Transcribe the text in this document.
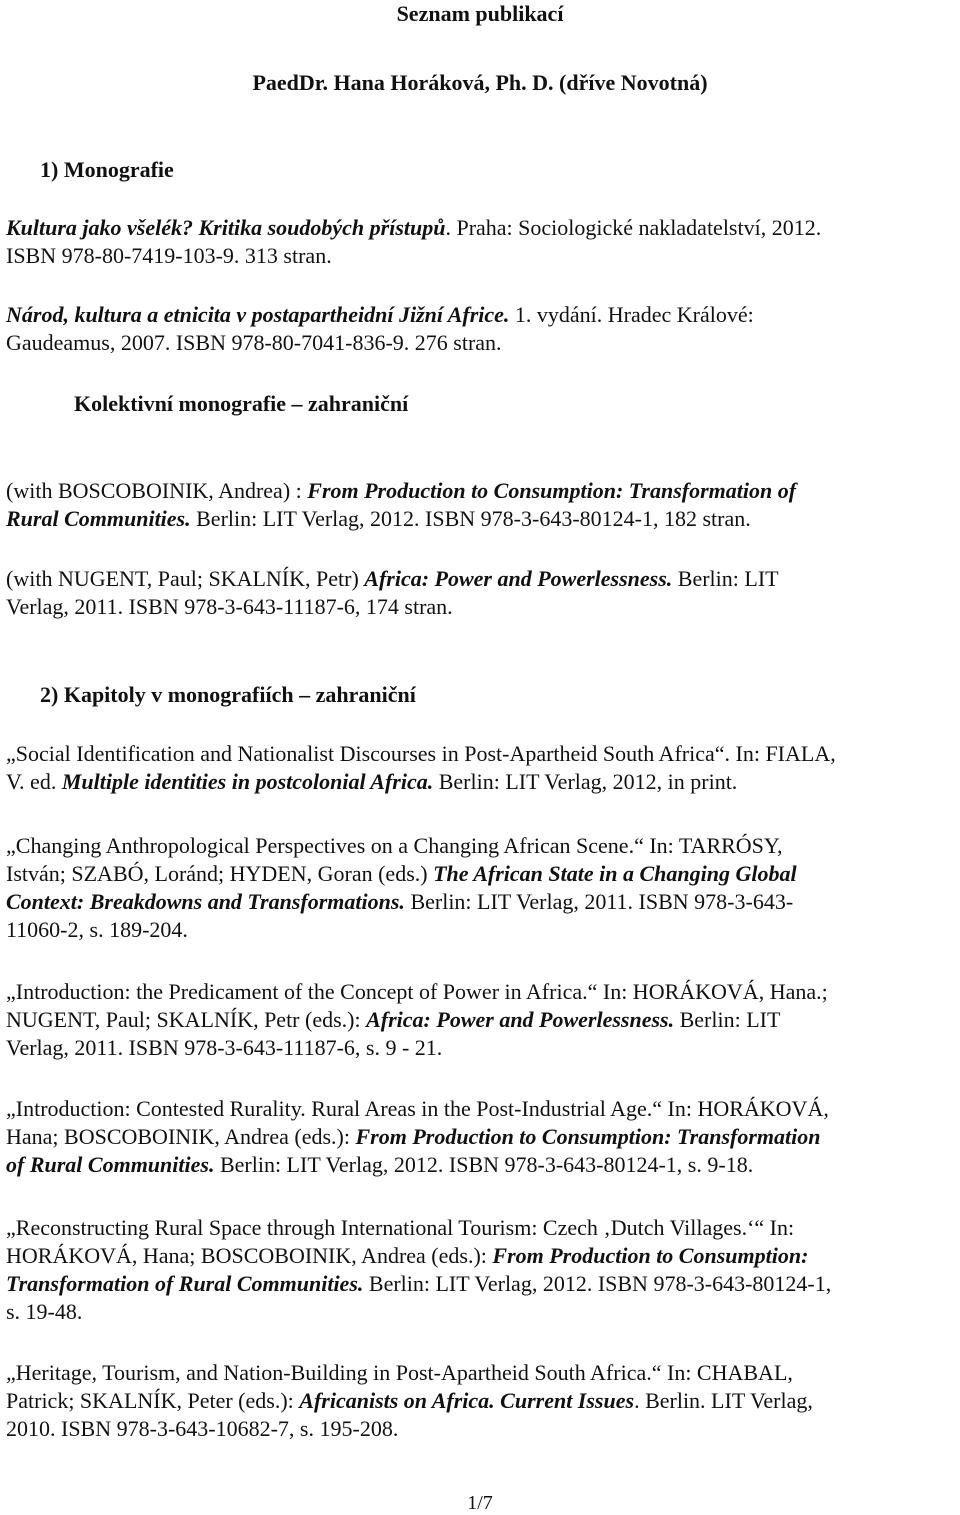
Seznam publikací
PaedDr. Hana Horáková, Ph. D. (dříve Novotná)
1) Monografie
Kultura jako všelék? Kritika soudobých přístupů. Praha: Sociologické nakladatelství, 2012.
ISBN 978-80-7419-103-9. 313 stran.
Národ, kultura a etnicita v postapartheidní Jižní Africe. 1. vydání. Hradec Králové:
Gaudeamus, 2007. ISBN 978-80-7041-836-9. 276 stran.
Kolektivní monografie – zahraniční
(with BOSCOBOINIK, Andrea) : From Production to Consumption: Transformation of
Rural Communities. Berlin: LIT Verlag, 2012. ISBN 978-3-643-80124-1, 182 stran.
(with NUGENT, Paul; SKALNÍK, Petr) Africa: Power and Powerlessness. Berlin: LIT
Verlag, 2011. ISBN 978-3-643-11187-6, 174 stran.
2) Kapitoly v monografiích – zahraniční
„Social Identification and Nationalist Discourses in Post-Apartheid South Africa“. In: FIALA,
V. ed. Multiple identities in postcolonial Africa. Berlin: LIT Verlag, 2012, in print.
„Changing Anthropological Perspectives on a Changing African Scene.“ In: TARRÓSY,
István; SZABÓ, Loránd; HYDEN, Goran (eds.) The African State in a Changing Global
Context: Breakdowns and Transformations. Berlin: LIT Verlag, 2011. ISBN 978-3-643-
11060-2, s. 189-204.
„Introduction: the Predicament of the Concept of Power in Africa.“ In: HORÁKOVÁ, Hana.;
NUGENT, Paul; SKALNÍK, Petr (eds.): Africa: Power and Powerlessness. Berlin: LIT
Verlag, 2011. ISBN 978-3-643-11187-6, s. 9 - 21.
„Introduction: Contested Rurality. Rural Areas in the Post-Industrial Age.“ In: HORÁKOVÁ,
Hana; BOSCOBOINIK, Andrea (eds.): From Production to Consumption: Transformation
of Rural Communities. Berlin: LIT Verlag, 2012. ISBN 978-3-643-80124-1, s. 9-18.
„Reconstructing Rural Space through International Tourism: Czech ‚Dutch Villages.‘“ In:
HORÁKOVÁ, Hana; BOSCOBOINIK, Andrea (eds.): From Production to Consumption:
Transformation of Rural Communities. Berlin: LIT Verlag, 2012. ISBN 978-3-643-80124-1,
s. 19-48.
„Heritage, Tourism, and Nation-Building in Post-Apartheid South Africa.“ In: CHABAL,
Patrick; SKALNÍK, Peter (eds.): Africanists on Africa. Current Issues. Berlin. LIT Verlag,
2010. ISBN 978-3-643-10682-7, s. 195-208.
1/7
